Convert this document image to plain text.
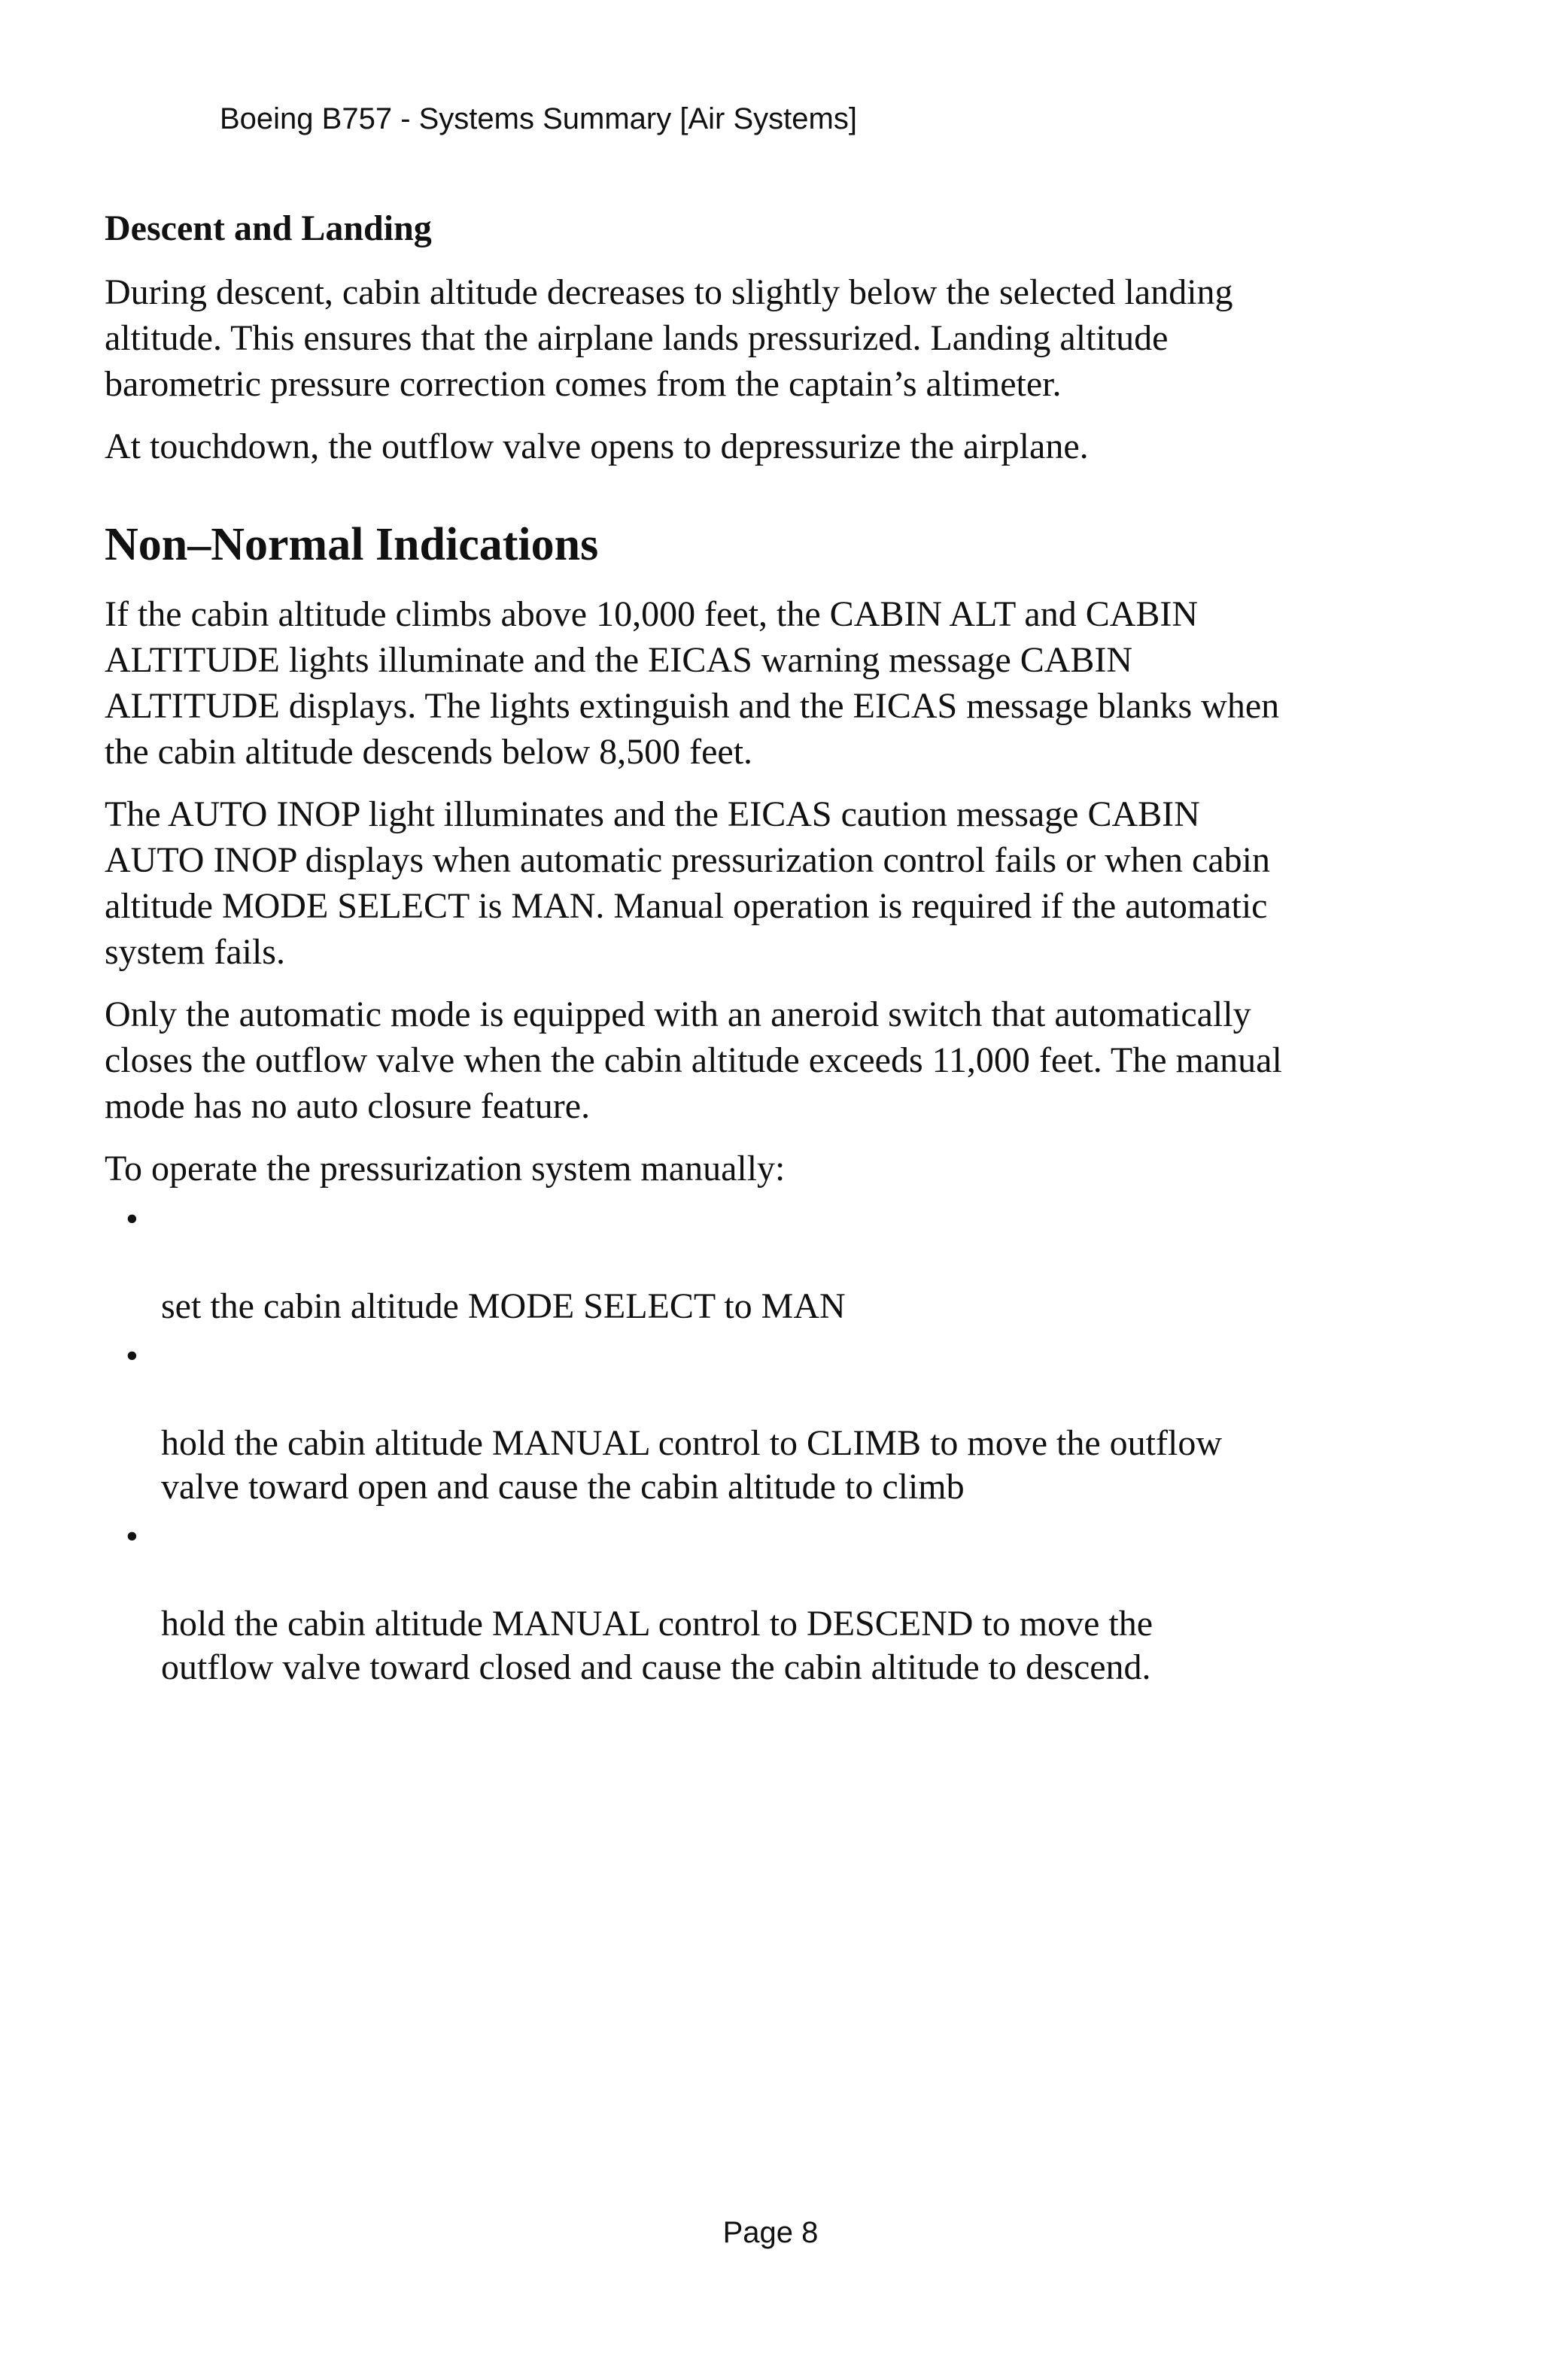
Boeing B757 - Systems Summary [Air Systems]
Descent and Landing

During descent, cabin altitude decreases to slightly below the selected landing
altitude. This ensures that the airplane lands pressurized. Landing altitude
barometric pressure correction comes from the captain’s altimeter.

At touchdown, the outflow valve opens to depressurize the airplane.

Non–Normal Indications

If the cabin altitude climbs above 10,000 feet, the CABIN ALT and CABIN
ALTITUDE lights illuminate and the EICAS warning message CABIN
ALTITUDE displays. The lights extinguish and the EICAS message blanks when
the cabin altitude descends below 8,500 feet.

The AUTO INOP light illuminates and the EICAS caution message CABIN
AUTO INOP displays when automatic pressurization control fails or when cabin
altitude MODE SELECT is MAN. Manual operation is required if the automatic
system fails.

Only the automatic mode is equipped with an aneroid switch that automatically
closes the outflow valve when the cabin altitude exceeds 11,000 feet. The manual
mode has no auto closure feature.

To operate the pressurization system manually:

•

set the cabin altitude MODE SELECT to MAN

•

hold the cabin altitude MANUAL control to CLIMB to move the outflow
valve toward open and cause the cabin altitude to climb

•

hold the cabin altitude MANUAL control to DESCEND to move the
outflow valve toward closed and cause the cabin altitude to descend.

Page 8
